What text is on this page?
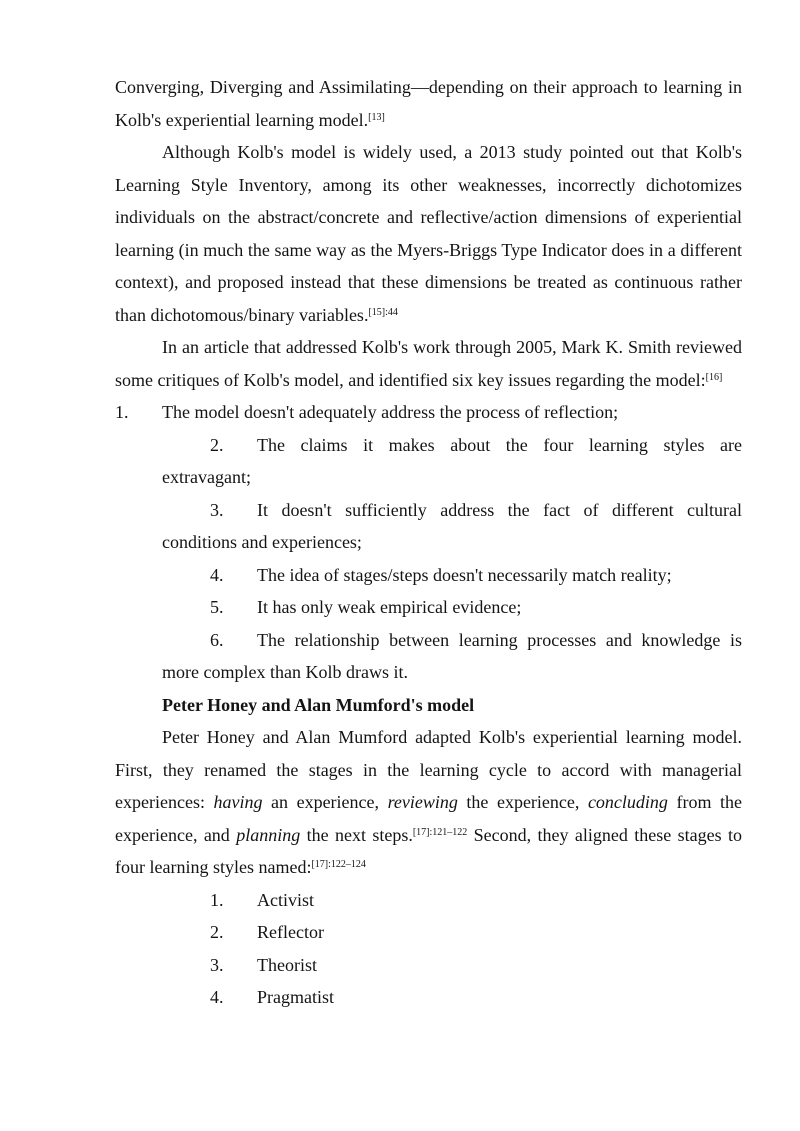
Converging, Diverging and Assimilating—depending on their approach to learning in Kolb's experiential learning model.[13]

Although Kolb's model is widely used, a 2013 study pointed out that Kolb's Learning Style Inventory, among its other weaknesses, incorrectly dichotomizes individuals on the abstract/concrete and reflective/action dimensions of experiential learning (in much the same way as the Myers-Briggs Type Indicator does in a different context), and proposed instead that these dimensions be treated as continuous rather than dichotomous/binary variables.$^{[15]:44}$

In an article that addressed Kolb's work through 2005, Mark K. Smith reviewed some critiques of Kolb's model, and identified six key issues regarding the model:[16]

1. The model doesn't adequately address the process of reflection;
2. The claims it makes about the four learning styles are
extravagant;
3. It doesn't sufficiently address the fact of different cultural
conditions and experiences;
4. The idea of stages/steps doesn't necessarily match reality;
5. It has only weak empirical evidence;
6. The relationship between learning processes and knowledge is
more complex than Kolb draws it.

Peter Honey and Alan Mumford's model

Peter Honey and Alan Mumford adapted Kolb's experiential learning model. First, they renamed the stages in the learning cycle to accord with managerial experiences: having an experience, reviewing the experience, concluding from the experience, and planning the next steps.$^{[17]:121-122}$ Second, they aligned these stages to four learning styles named:$^{[17]:122-124}$

1. Activist
2. Reflector
3. Theorist
4. Pragmatist
